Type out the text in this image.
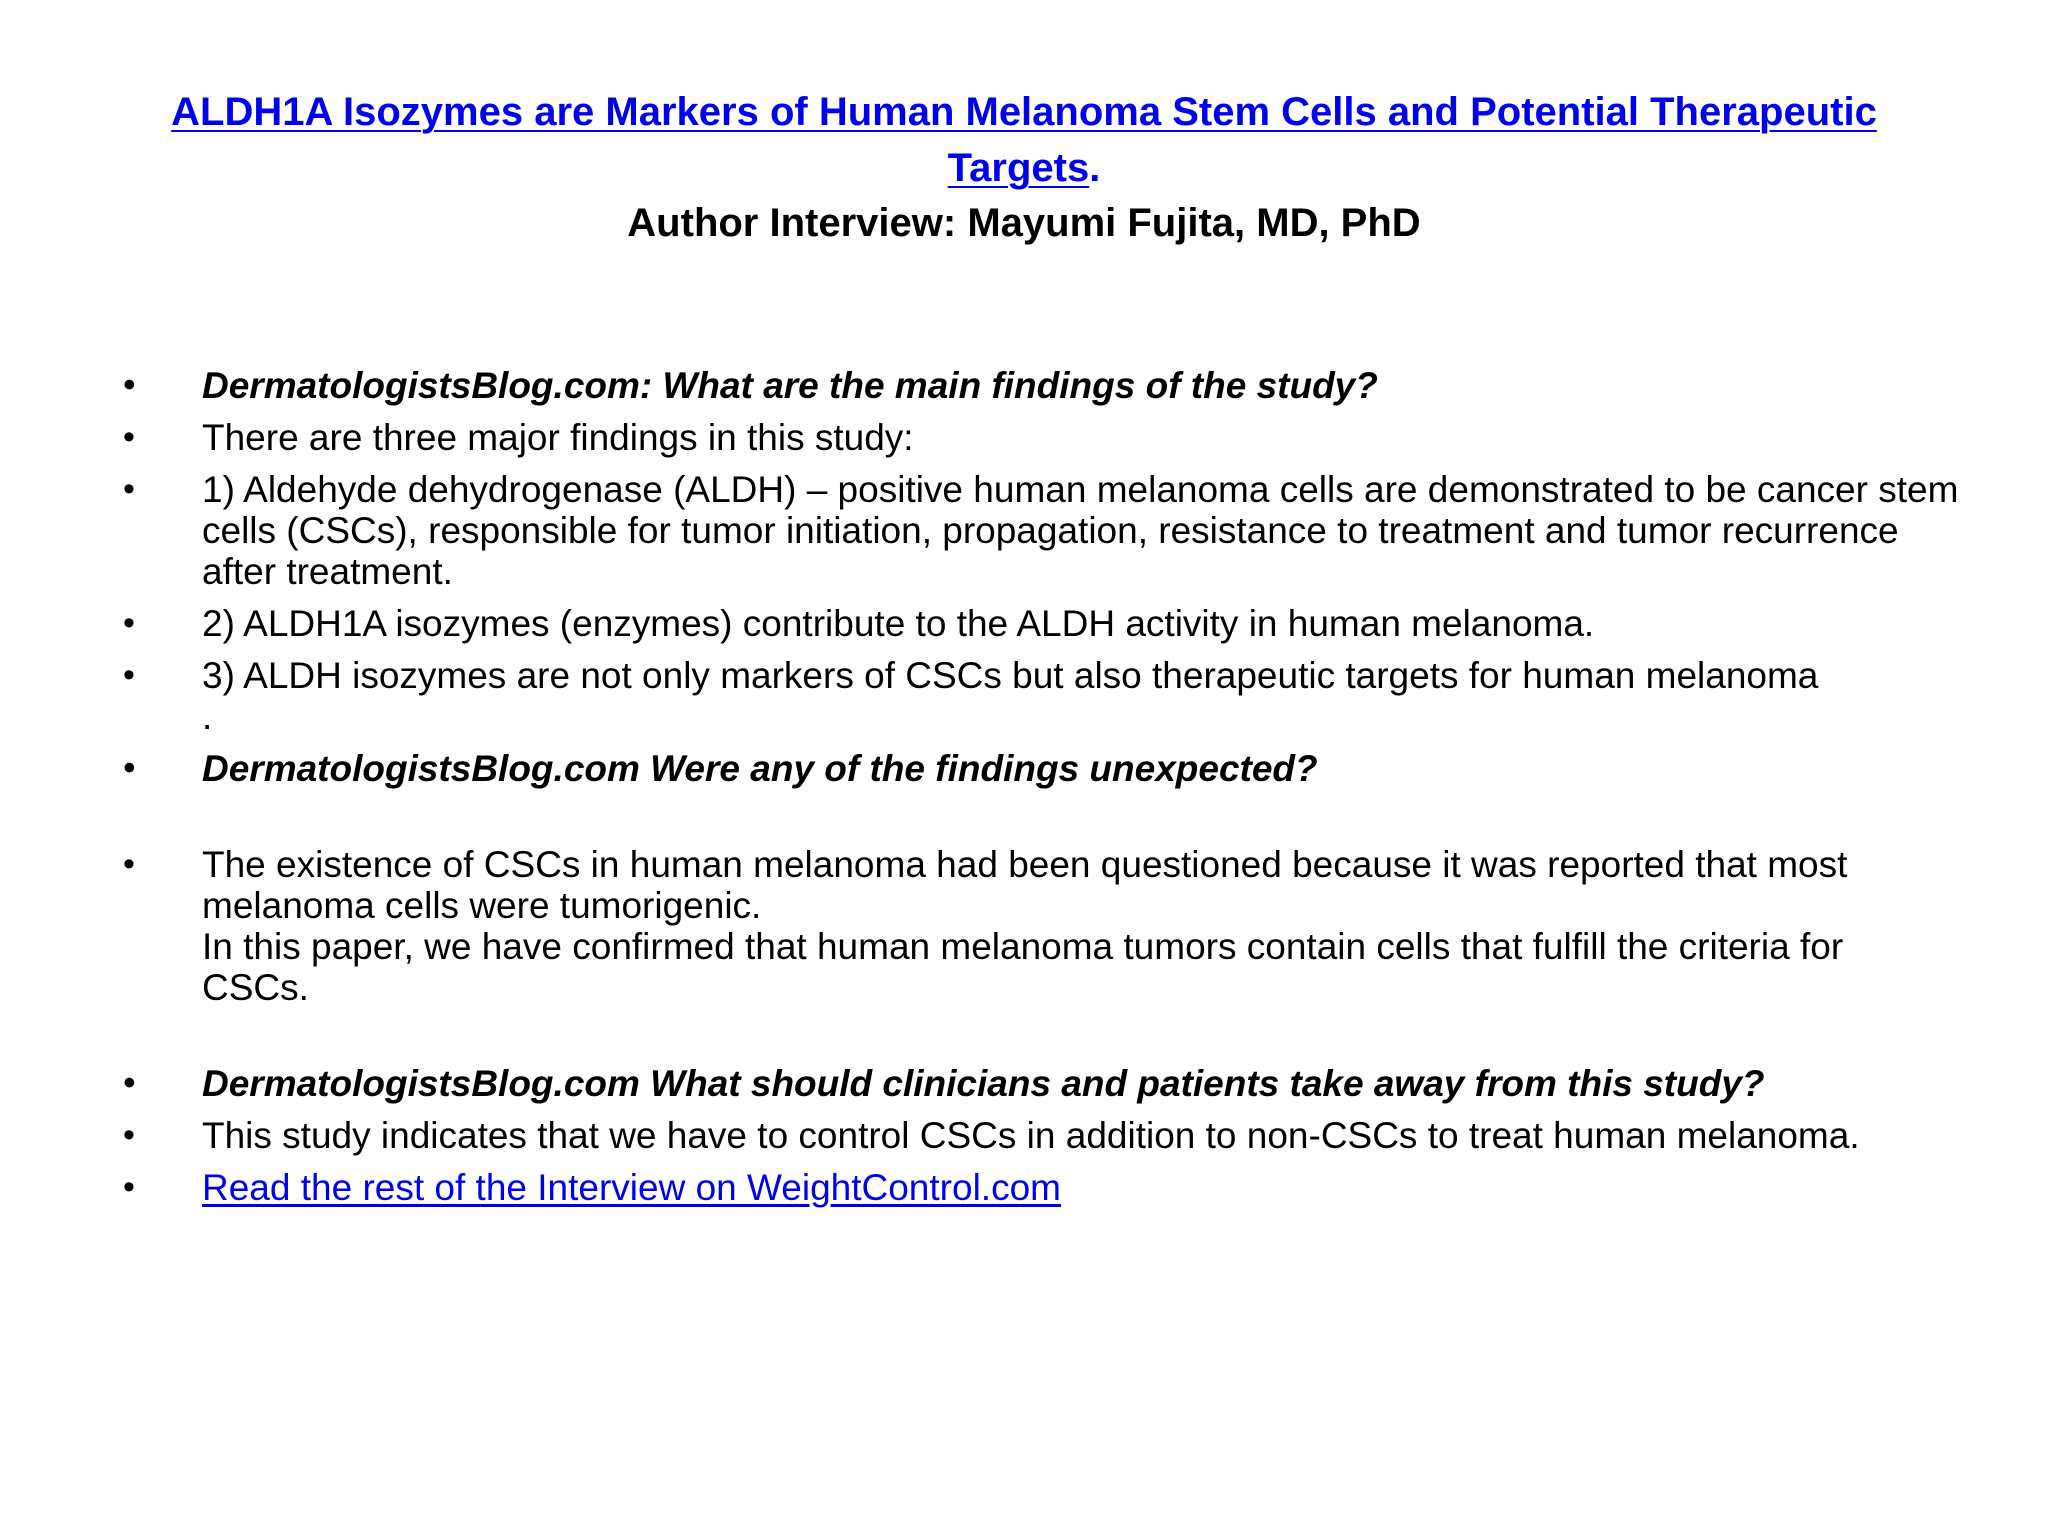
ALDH1A Isozymes are Markers of Human Melanoma Stem Cells and Potential Therapeutic Targets.
Author Interview: Mayumi Fujita, MD, PhD
• DermatologistsBlog.com: What are the main findings of the study?
• There are three major findings in this study:
• 1) Aldehyde dehydrogenase (ALDH) – positive human melanoma cells are demonstrated to be cancer stem cells (CSCs), responsible for tumor initiation, propagation, resistance to treatment and tumor recurrence after treatment.
• 2) ALDH1A isozymes (enzymes) contribute to the ALDH activity in human melanoma.
• 3) ALDH isozymes are not only markers of CSCs but also therapeutic targets for human melanoma
.
• DermatologistsBlog.com Were any of the findings unexpected?
• The existence of CSCs in human melanoma had been questioned because it was reported that most melanoma cells were tumorigenic.
In this paper, we have confirmed that human melanoma tumors contain cells that fulfill the criteria for CSCs.
• DermatologistsBlog.com What should clinicians and patients take away from this study?
• This study indicates that we have to control CSCs in addition to non-CSCs to treat human melanoma.
• Read the rest of the Interview on WeightControl.com
